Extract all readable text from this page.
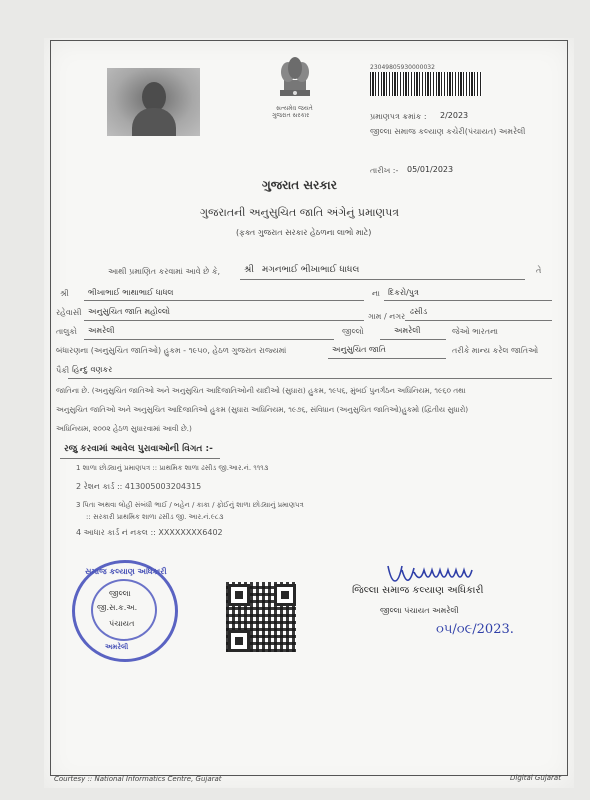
સત્યમેવ જયતે
ગુજરાત સરકાર
23049805930000032
પ્રમાણપત્ર ક્રમાંક : 2/2023
જીલ્લા સમાજ કલ્યાણ કચેરી(પંચાયત) અમરેલી
તારીખ :- 05/01/2023
ગુજરાત સરકાર
ગુજરાતની અનુસુચિત જાતિ અંગેનું પ્રમાણપત્ર
(ફક્ત ગુજરાત સરકાર હેઠળના લાભો માટે)
આથી પ્રમાણિત કરવામાં આવે છે કે,	શ્રી મગનભાઈ ભીખાભાઈ ધાધલ	તે
શ્રી ભીખાભાઈ ભાથાભાઈ ધાધલ	ના દિકરો/પુત્ર
રહેવાસી અનુસુચિત જાતિ મહોલ્લો
ગામ / નગર
ઢસીડ
તાલુકો અમરેલી	જીલ્લો	અમરેલી	જેઓ ભારતના
બંધારણના (અનુસુચિત જાતિઓ) હુકમ - ૧૯૫૦, હેઠળ ગુજરાત રાજ્યમાં	અનુસુચિત જાતિ	તરીકે માન્ય કરેલ જાતિઓ
પૈકી હિન્દુ વણકર
જાતિના છે. (અનુસુચિત જાતિઓ અને અનુસુચિત આદિજાતિઓની યાદીઓ (સુધારા) હુકમ, ૧૯૫૬, મુંબઈ પુનર્ગઠન અધિનિયમ, ૧૯૬૦ તથા
અનુસુચિત જાતિઓ અને અનુસુચિત આદિજાતિઓ હુકમ (સુધારા અધિનિયમ, ૧૯૭૬, સંવિધાન (અનુસુચિત જાતિઓ)હુકમો (દ્વિતીય સુધારો)
અધિનિયમ, ૨૦૦૨ હેઠળ સુધારવામાં આવી છે.)
રજુ કરવામાં આવેલ પુરાવાઓની વિગત :-
1 શાળા છોડ્યાનું પ્રમાણપત્ર :: પ્રાથમિક શાળા ઢસીડ જી.આર.નં. ૧૧૧૩
2 રેશન કાર્ડ :: 413005003204315
3 પિતા અથવા લોહી સંબંધી ભાઈ / બહેન / કાકા / ફોઈનું શાળા છોડ્યાનું પ્રમાણપત્ર
:: સરકારી પ્રાથમિક શાળા ઢસીડ જી. આર.નં.૯૮૩
4 આધાર કાર્ડ નં નકલ :: XXXXXXXX6402
સમાજ કલ્યાણ અધિકારી
જીલ્લા
જી.સ.ક.અ.
પંચાયત
અમરેલી
જિલ્લા સમાજ કલ્યાણ અધિકારી
જીલ્લા પંચાયત અમરેલી
૦૫/૦૯/2023.
Courtesy :: National Informatics Centre, Gujarat	Digital Gujarat
